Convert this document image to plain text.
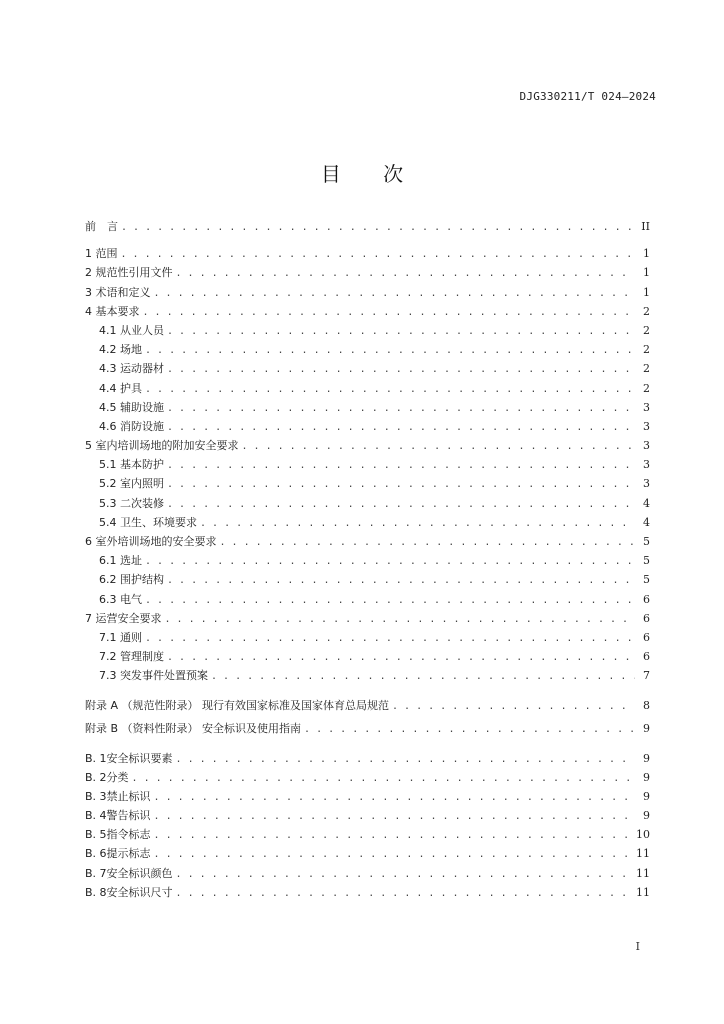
DJG330211/T 024—2024
目 次
前　言 . . .	II
1 范围 . . .	1
2 规范性引用文件 . . .	1
3 术语和定义 . . .	1
4 基本要求 . . .	2
4.1 从业人员 . . .	2
4.2 场地 . . .	2
4.3 运动器材 . . .	2
4.4 护具 . . .	2
4.5 辅助设施 . . .	3
4.6 消防设施 . . .	3
5 室内培训场地的附加安全要求 . . .	3
5.1 基本防护 . . .	3
5.2 室内照明 . . .	3
5.3 二次装修 . . .	4
5.4 卫生、环境要求 . . .	4
6 室外培训场地的安全要求 . . .	5
6.1 选址 . . .	5
6.2 围护结构 . . .	5
6.3 电气 . . .	6
7 运营安全要求 . . .	6
7.1 通则 . . .	6
7.2 管理制度 . . .	6
7.3 突发事件处置预案 . . .	7
附录 A （规范性附录） 现行有效国家标准及国家体育总局规范 . . .	8
附录 B （资料性附录） 安全标识及使用指南 . . .	9
B. 1安全标识要素 . . .	9
B. 2分类 . . .	9
B. 3禁止标识 . . .	9
B. 4警告标识 . . .	9
B. 5指令标志 . . .	10
B. 6提示标志 . . .	11
B. 7安全标识颜色 . . .	11
B. 8安全标识尺寸 . . .	11
I
